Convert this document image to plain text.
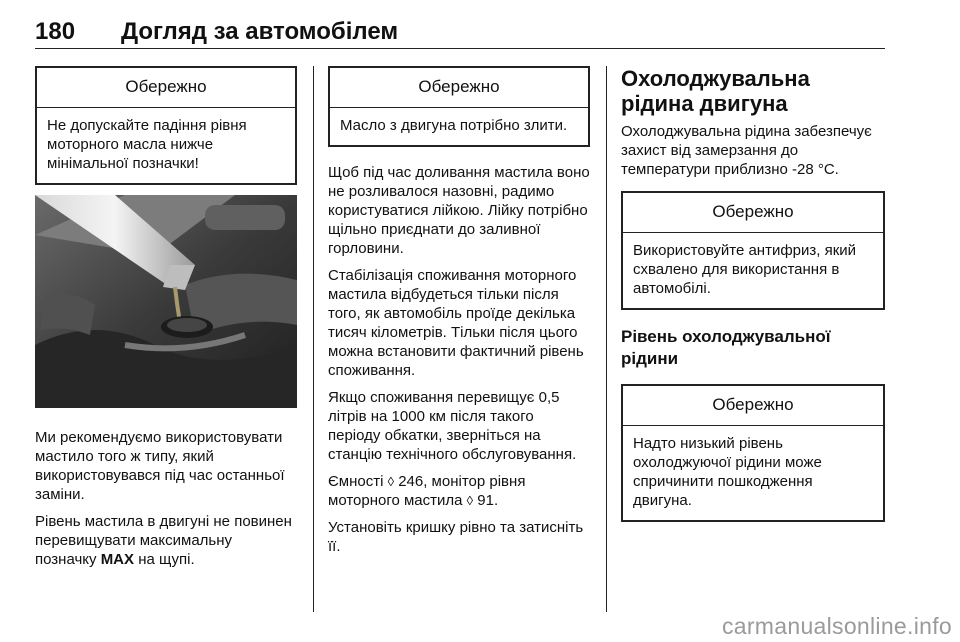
180 Догляд за автомобілем
Обережно
Не допускайте падіння рівня моторного масла нижче мінімальної позначки!

Ми рекомендуємо використовувати мастило того ж типу, який використовувався під час останньої заміни.

Рівень мастила в двигуні не повинен перевищувати максимальну позначку MAX на щупі.

Обережно
Масло з двигуна потрібно злити.

Щоб під час доливання мастила воно не розливалося назовні, радимо користуватися лійкою. Лійку потрібно щільно приєднати до заливної горловини.

Стабілізація споживання моторного мастила відбудеться тільки після того, як автомобіль проїде декілька тисяч кілометрів. Тільки після цього можна встановити фактичний рівень споживання.

Якщо споживання перевищує 0,5 літрів на 1000 км після такого періоду обкатки, зверніться на станцію технічного обслуговування.

Ємності ◊ 246, монітор рівня моторного мастила ◊ 91.

Установіть кришку рівно та затисніть її.

Охолоджувальна рідина двигуна

Охолоджувальна рідина забезпечує захист від замерзання до температури приблизно -28 °C.

Обережно
Використовуйте антифриз, який схвалено для використання в автомобілі.
Рівень охолоджувальної рідини
Обережно
Надто низький рівень охолоджуючої рідини може спричинити пошкодження двигуна.
carmanualsonline.info
